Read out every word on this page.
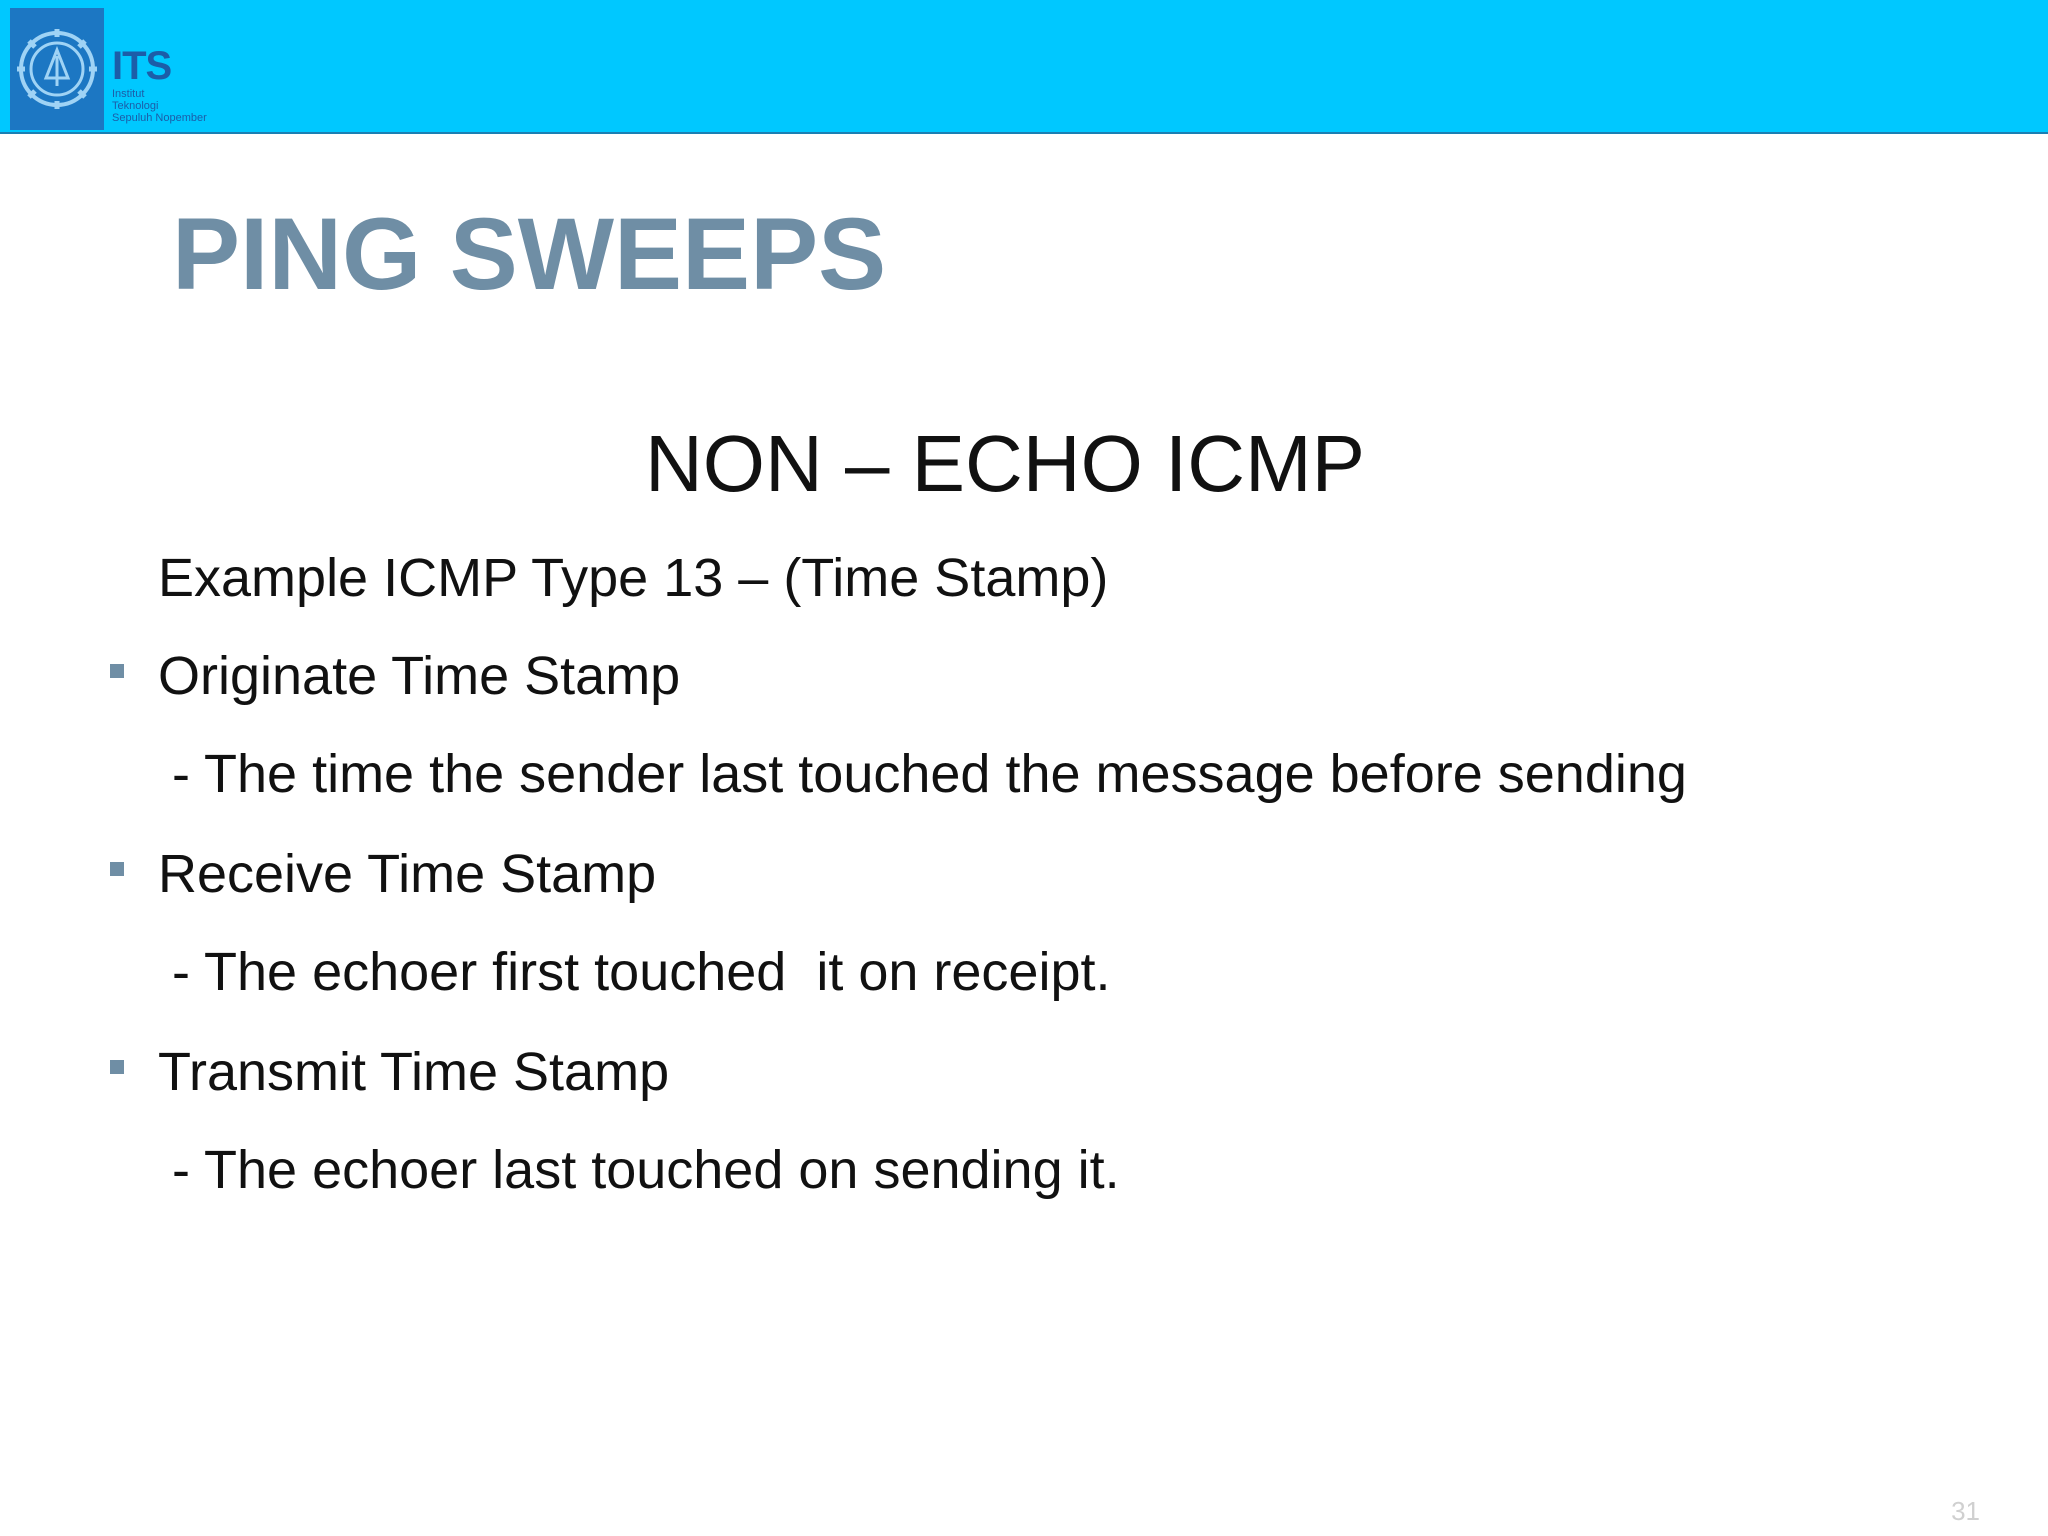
ITS
Institut
Teknologi
Sepuluh Nopember
PING SWEEPS
NON – ECHO ICMP
Example ICMP Type 13 – (Time Stamp)
Originate Time Stamp
- The time the sender last touched the message before sending
Receive Time Stamp
- The echoer first touched  it on receipt.
Transmit Time Stamp
- The echoer last touched on sending it.
31
